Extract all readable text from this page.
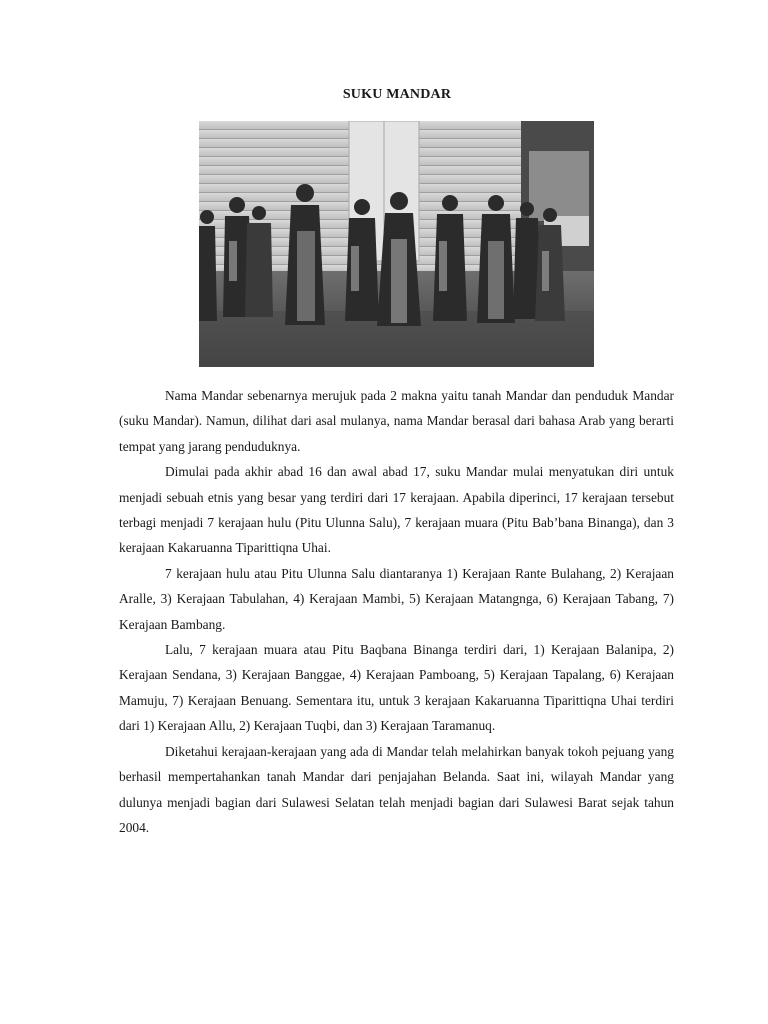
SUKU MANDAR

Nama Mandar sebenarnya merujuk pada 2 makna yaitu tanah Mandar dan penduduk Mandar (suku Mandar). Namun, dilihat dari asal mulanya, nama Mandar berasal dari bahasa Arab yang berarti tempat yang jarang penduduknya.

Dimulai pada akhir abad 16 dan awal abad 17, suku Mandar mulai menyatukan diri untuk menjadi sebuah etnis yang besar yang terdiri dari 17 kerajaan. Apabila diperinci, 17 kerajaan tersebut terbagi menjadi 7 kerajaan hulu (Pitu Ulunna Salu), 7 kerajaan muara (Pitu Bab’bana Binanga), dan 3 kerajaan Kakaruanna Tiparittiqna Uhai.

7 kerajaan hulu atau Pitu Ulunna Salu diantaranya 1) Kerajaan Rante Bulahang, 2) Kerajaan Aralle, 3) Kerajaan Tabulahan, 4) Kerajaan Mambi, 5) Kerajaan Matangnga, 6) Kerajaan Tabang, 7) Kerajaan Bambang.

Lalu, 7 kerajaan muara atau Pitu Baqbana Binanga terdiri dari, 1) Kerajaan Balanipa, 2) Kerajaan Sendana, 3) Kerajaan Banggae, 4) Kerajaan Pamboang, 5) Kerajaan Tapalang, 6) Kerajaan Mamuju, 7) Kerajaan Benuang. Sementara itu, untuk 3 kerajaan Kakaruanna Tiparittiqna Uhai terdiri dari 1) Kerajaan Allu, 2) Kerajaan Tuqbi, dan 3) Kerajaan Taramanuq.

Diketahui kerajaan-kerajaan yang ada di Mandar telah melahirkan banyak tokoh pejuang yang berhasil mempertahankan tanah Mandar dari penjajahan Belanda. Saat ini, wilayah Mandar yang dulunya menjadi bagian dari Sulawesi Selatan telah menjadi bagian dari Sulawesi Barat sejak tahun 2004.
